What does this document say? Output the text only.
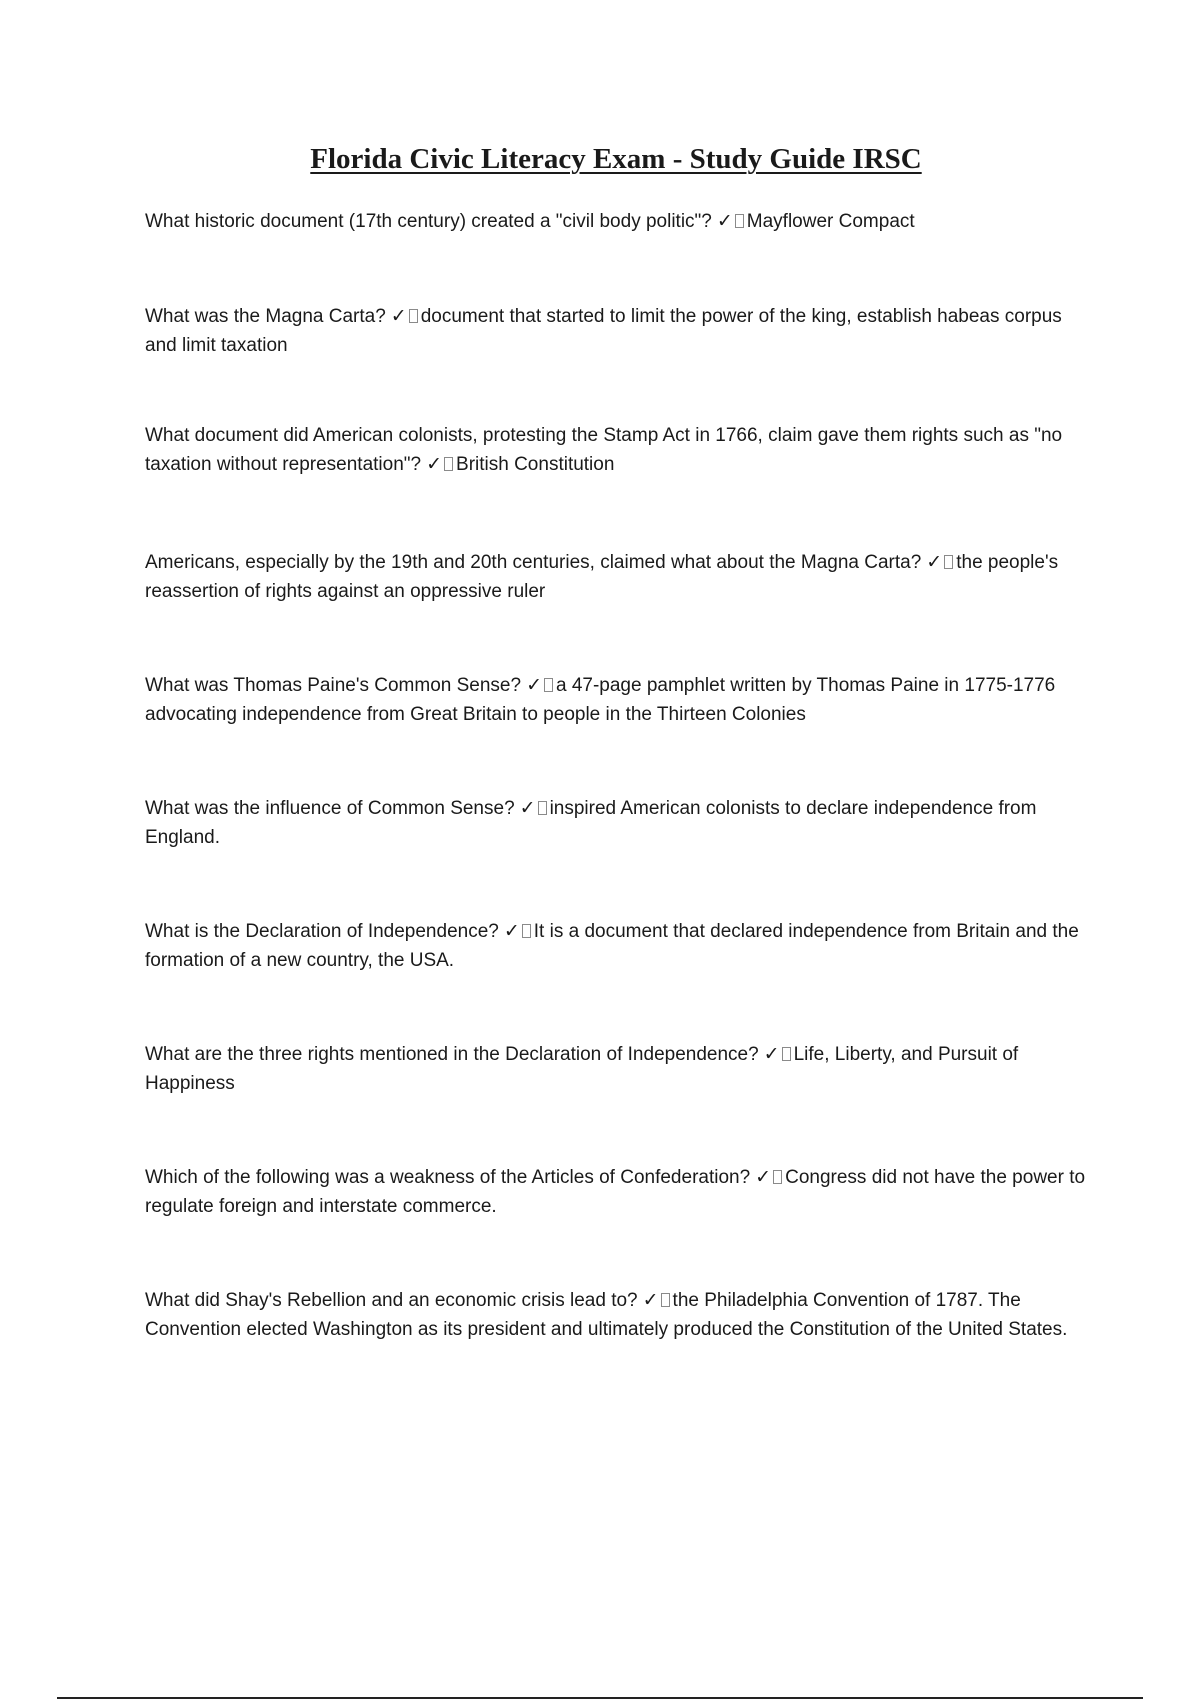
Florida Civic Literacy Exam - Study Guide IRSC

What historic document (17th century) created a "civil body politic"? ✓ Mayflower Compact

What was the Magna Carta? ✓ document that started to limit the power of the king, establish habeas corpus and limit taxation

What document did American colonists, protesting the Stamp Act in 1766, claim gave them rights such as "no taxation without representation"? ✓ British Constitution

Americans, especially by the 19th and 20th centuries, claimed what about the Magna Carta? ✓ the people's reassertion of rights against an oppressive ruler

What was Thomas Paine's Common Sense? ✓ a 47-page pamphlet written by Thomas Paine in 1775-1776 advocating independence from Great Britain to people in the Thirteen Colonies

What was the influence of Common Sense? ✓ inspired American colonists to declare independence from England.

What is the Declaration of Independence? ✓ It is a document that declared independence from Britain and the formation of a new country, the USA.

What are the three rights mentioned in the Declaration of Independence? ✓ Life, Liberty, and Pursuit of Happiness

Which of the following was a weakness of the Articles of Confederation? ✓ Congress did not have the power to regulate foreign and interstate commerce.

What did Shay's Rebellion and an economic crisis lead to? ✓ the Philadelphia Convention of 1787. The Convention elected Washington as its president and ultimately produced the Constitution of the United States.
